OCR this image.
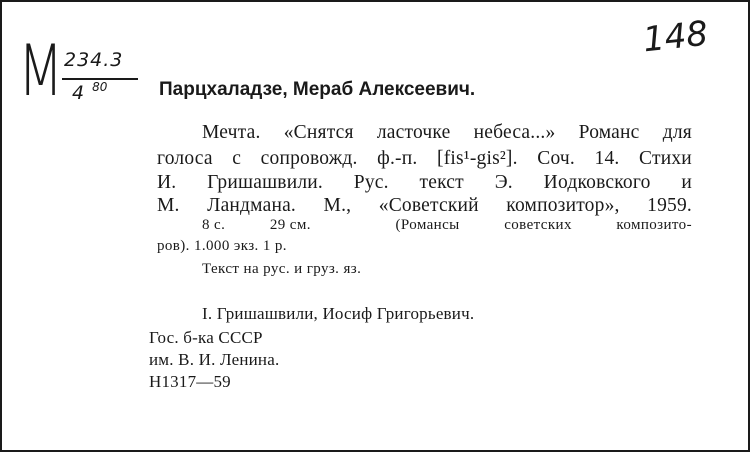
M 234.3
4 $^{80}$
148
Парцхаладзе, Мераб Алексеевич.
Мечта. «Снятся ласточке небеса...» Романс для
голоса с сопровожд. ф.-п. [fis¹-gis²]. Соч. 14. Стихи
И. Гришашвили. Рус. текст Э. Иодковского и
М. Ландмана. М., «Советский композитор», 1959.
8 с.	29 см.	(Романсы	советских	композито-
ров). 1.000 экз. 1 р.
Текст на рус. и груз. яз.
I. Гришашвили, Иосиф Григорьевич.
Гос. б-ка СССР
им. В. И. Ленина.
Н1317—59
